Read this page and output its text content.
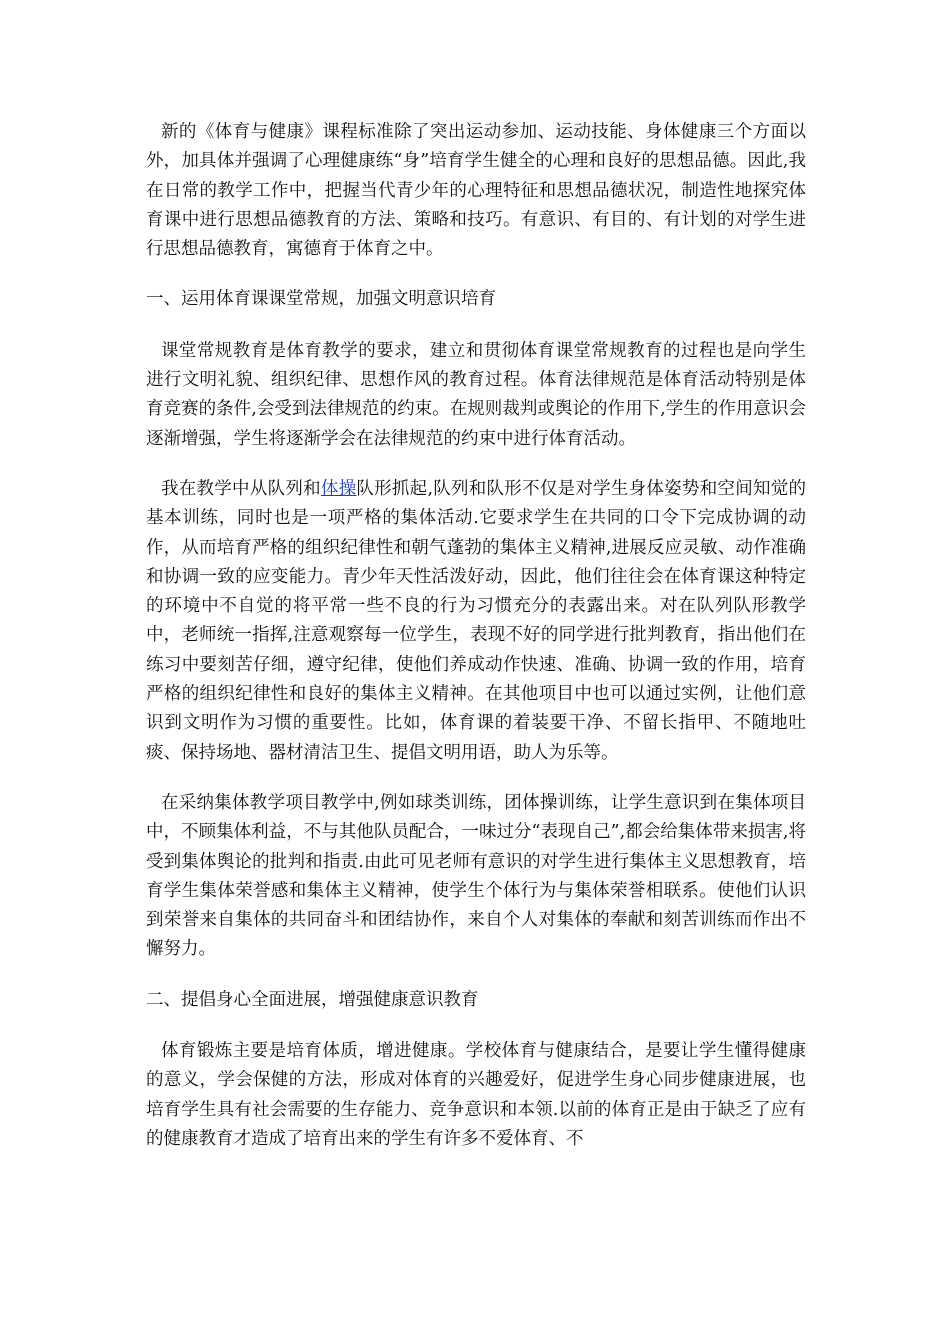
新的《体育与健康》课程标准除了突出运动参加、运动技能、身体健康三个方面以外，加具体并强调了心理健康练“身”培育学生健全的心理和良好的思想品德。因此,我在日常的教学工作中，把握当代青少年的心理特征和思想品德状况，制造性地探究体育课中进行思想品德教育的方法、策略和技巧。有意识、有目的、有计划的对学生进行思想品德教育，寓德育于体育之中。

一、运用体育课课堂常规，加强文明意识培育

课堂常规教育是体育教学的要求，建立和贯彻体育课堂常规教育的过程也是向学生进行文明礼貌、组织纪律、思想作风的教育过程。体育法律规范是体育活动特别是体育竞赛的条件,会受到法律规范的约束。在规则裁判或舆论的作用下,学生的作用意识会逐渐增强，学生将逐渐学会在法律规范的约束中进行体育活动。

我在教学中从队列和体操队形抓起,队列和队形不仅是对学生身体姿势和空间知觉的基本训练，同时也是一项严格的集体活动.它要求学生在共同的口令下完成协调的动作，从而培育严格的组织纪律性和朝气蓬勃的集体主义精神,进展反应灵敏、动作准确和协调一致的应变能力。青少年天性活泼好动，因此，他们往往会在体育课这种特定的环境中不自觉的将平常一些不良的行为习惯充分的表露出来。对在队列队形教学中，老师统一指挥,注意观察每一位学生，表现不好的同学进行批判教育，指出他们在练习中要刻苦仔细，遵守纪律，使他们养成动作快速、准确、协调一致的作用，培育严格的组织纪律性和良好的集体主义精神。在其他项目中也可以通过实例，让他们意识到文明作为习惯的重要性。比如，体育课的着装要干净、不留长指甲、不随地吐痰、保持场地、器材清洁卫生、提倡文明用语，助人为乐等。

在采纳集体教学项目教学中,例如球类训练，团体操训练，让学生意识到在集体项目中，不顾集体利益，不与其他队员配合，一味过分“表现自己”,都会给集体带来损害,将受到集体舆论的批判和指责.由此可见老师有意识的对学生进行集体主义思想教育，培育学生集体荣誉感和集体主义精神，使学生个体行为与集体荣誉相联系。使他们认识到荣誉来自集体的共同奋斗和团结协作，来自个人对集体的奉献和刻苦训练而作出不懈努力。

二、提倡身心全面进展，增强健康意识教育

体育锻炼主要是培育体质，增进健康。学校体育与健康结合，是要让学生懂得健康的意义，学会保健的方法，形成对体育的兴趣爱好，促进学生身心同步健康进展，也培育学生具有社会需要的生存能力、竞争意识和本领.以前的体育正是由于缺乏了应有的健康教育才造成了培育出来的学生有许多不爱体育、不
